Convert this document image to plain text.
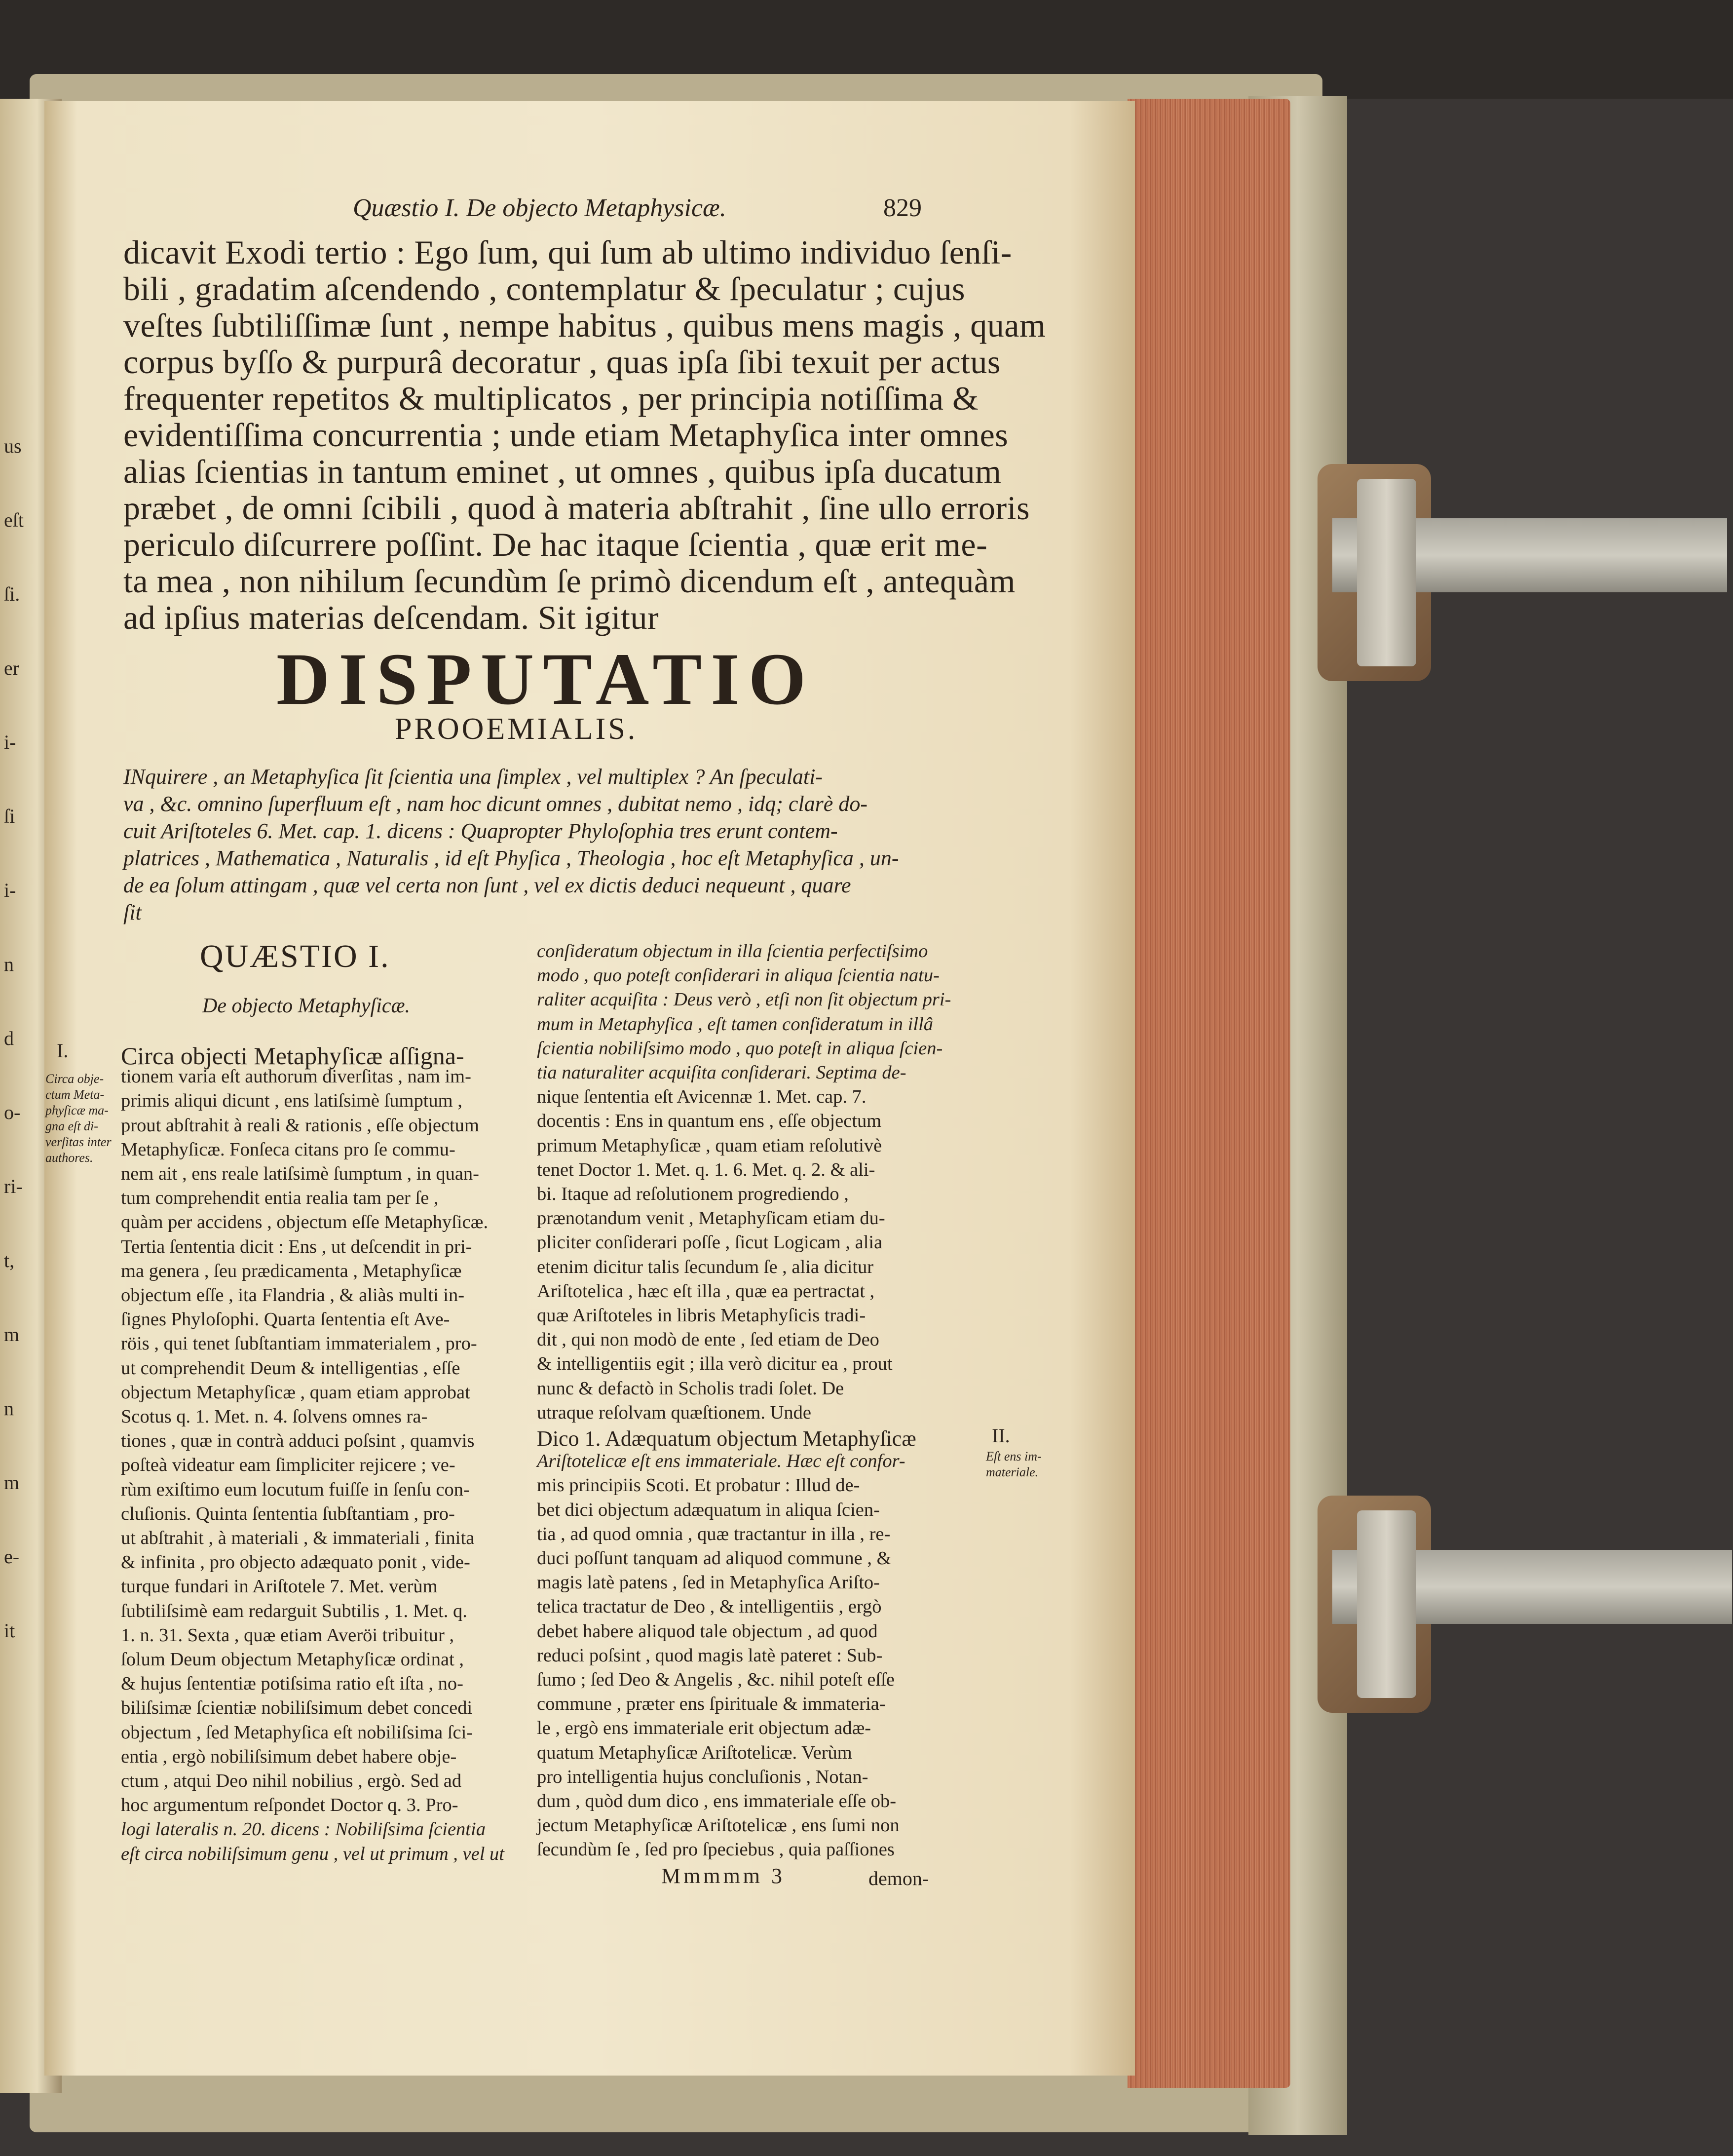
us
eſt
ſi.
er
i-
ſi
i-
n
d
o-
ri-
t,
m
n
m
e-
it
Quæstio I. De objecto Metaphysicæ.	829
dicavit Exodi tertio : Ego ſum, qui ſum ab ultimo individuo ſenſi-
bili , gradatim aſcendendo , contemplatur & ſpeculatur ; cujus
veſtes ſubtiliſſimæ ſunt , nempe habitus , quibus mens magis , quam
corpus byſſo & purpurâ decoratur , quas ipſa ſibi texuit per actus
frequenter repetitos & multiplicatos , per principia notiſſima &
evidentiſſima concurrentia ; unde etiam Metaphyſica inter omnes
alias ſcientias in tantum eminet , ut omnes , quibus ipſa ducatum
præbet , de omni ſcibili , quod à materia abſtrahit , ſine ullo erroris
periculo diſcurrere poſſint. De hac itaque ſcientia , quæ erit me-
ta mea , non nihilum ſecundùm ſe primò dicendum eſt , antequàm
ad ipſius materias deſcendam. Sit igitur
DISPUTATIO
PROOEMIALIS.
INquirere , an Metaphyſica ſit ſcientia una ſimplex , vel multiplex ? An ſpeculati-
va , &c. omnino ſuperfluum eſt , nam hoc dicunt omnes , dubitat nemo , idq; clarè do-
cuit Ariſtoteles 6. Met. cap. 1. dicens : Quapropter Phyloſophia tres erunt contem-
platrices , Mathematica , Naturalis , id eſt Phyſica , Theologia , hoc eſt Metaphyſica , un-
de ea ſolum attingam , quæ vel certa non ſunt , vel ex dictis deduci nequeunt , quare
ſit
QUÆSTIO I.
De objecto Metaphyſicæ.
Circa objecti Metaphyſicæ aſſigna-
tionem varia eſt authorum diverſitas , nam im-
primis aliqui dicunt , ens latiſsimè ſumptum ,
prout abſtrahit à reali & rationis , eſſe objectum
Metaphyſicæ. Fonſeca citans pro ſe commu-
nem ait , ens reale latiſsimè ſumptum , in quan-
tum comprehendit entia realia tam per ſe ,
quàm per accidens , objectum eſſe Metaphyſicæ.
Tertia ſententia dicit : Ens , ut deſcendit in pri-
ma genera , ſeu prædicamenta , Metaphyſicæ
objectum eſſe , ita Flandria , & aliàs multi in-
ſignes Phyloſophi. Quarta ſententia eſt Ave-
röis , qui tenet ſubſtantiam immaterialem , pro-
ut comprehendit Deum & intelligentias , eſſe
objectum Metaphyſicæ , quam etiam approbat
Scotus q. 1. Met. n. 4. ſolvens omnes ra-
tiones , quæ in contrà adduci poſsint , quamvis
poſteà videatur eam ſimpliciter rejicere ; ve-
rùm exiſtimo eum locutum fuiſſe in ſenſu con-
cluſionis. Quinta ſententia ſubſtantiam , pro-
ut abſtrahit , à materiali , & immateriali , finita
& infinita , pro objecto adæquato ponit , vide-
turque fundari in Ariſtotele 7. Met. verùm
ſubtiliſsimè eam redarguit Subtilis , 1. Met. q.
1. n. 31. Sexta , quæ etiam Averöi tribuitur ,
ſolum Deum objectum Metaphyſicæ ordinat ,
& hujus ſententiæ potiſsima ratio eſt iſta , no-
biliſsimæ ſcientiæ nobiliſsimum debet concedi
objectum , ſed Metaphyſica eſt nobiliſsima ſci-
entia , ergò nobiliſsimum debet habere obje-
ctum , atqui Deo nihil nobilius , ergò. Sed ad
hoc argumentum reſpondet Doctor q. 3. Pro-
logi lateralis n. 20. dicens : Nobiliſsima ſcientia
eſt circa nobiliſsimum genu , vel ut primum , vel ut
conſideratum objectum in illa ſcientia perfectiſsimo
modo , quo poteſt conſiderari in aliqua ſcientia natu-
raliter acquiſita : Deus verò , etſi non ſit objectum pri-
mum in Metaphyſica , eſt tamen conſideratum in illâ
ſcientia nobiliſsimo modo , quo poteſt in aliqua ſcien-
tia naturaliter acquiſita conſiderari. Septima de-
nique ſententia eſt Avicennæ 1. Met. cap. 7.
docentis : Ens in quantum ens , eſſe objectum
primum Metaphyſicæ , quam etiam reſolutivè
tenet Doctor 1. Met. q. 1. 6. Met. q. 2. & ali-
bi. Itaque ad reſolutionem progrediendo ,
prænotandum venit , Metaphyſicam etiam du-
pliciter conſiderari poſſe , ſicut Logicam , alia
etenim dicitur talis ſecundum ſe , alia dicitur
Ariſtotelica , hæc eſt illa , quæ ea pertractat ,
quæ Ariſtoteles in libris Metaphyſicis tradi-
dit , qui non modò de ente , ſed etiam de Deo
& intelligentiis egit ; illa verò dicitur ea , prout
nunc & defactò in Scholis tradi ſolet. De
utraque reſolvam quæſtionem. Unde
Dico 1. Adæquatum objectum Metaphyſicæ
Ariſtotelicæ eſt ens immateriale. Hæc eſt confor-
mis principiis Scoti. Et probatur : Illud de-
bet dici objectum adæquatum in aliqua ſcien-
tia , ad quod omnia , quæ tractantur in illa , re-
duci poſſunt tanquam ad aliquod commune , &
magis latè patens , ſed in Metaphyſica Ariſto-
telica tractatur de Deo , & intelligentiis , ergò
debet habere aliquod tale objectum , ad quod
reduci poſsint , quod magis latè pateret : Sub-
ſumo ; ſed Deo & Angelis , &c. nihil poteſt eſſe
commune , præter ens ſpirituale & immateria-
le , ergò ens immateriale erit objectum adæ-
quatum Metaphyſicæ Ariſtotelicæ. Verùm
pro intelligentia hujus concluſionis , Notan-
dum , quòd dum dico , ens immateriale eſſe ob-
jectum Metaphyſicæ Ariſtotelicæ , ens ſumi non
ſecundùm ſe , ſed pro ſpeciebus , quia paſſiones
I.
Circa obje-
ctum Meta-
phyſicæ ma-
gna eſt di-
verſitas inter
authores.
II.
Eſt ens im-
materiale.
Mmmmm 3	demon-
